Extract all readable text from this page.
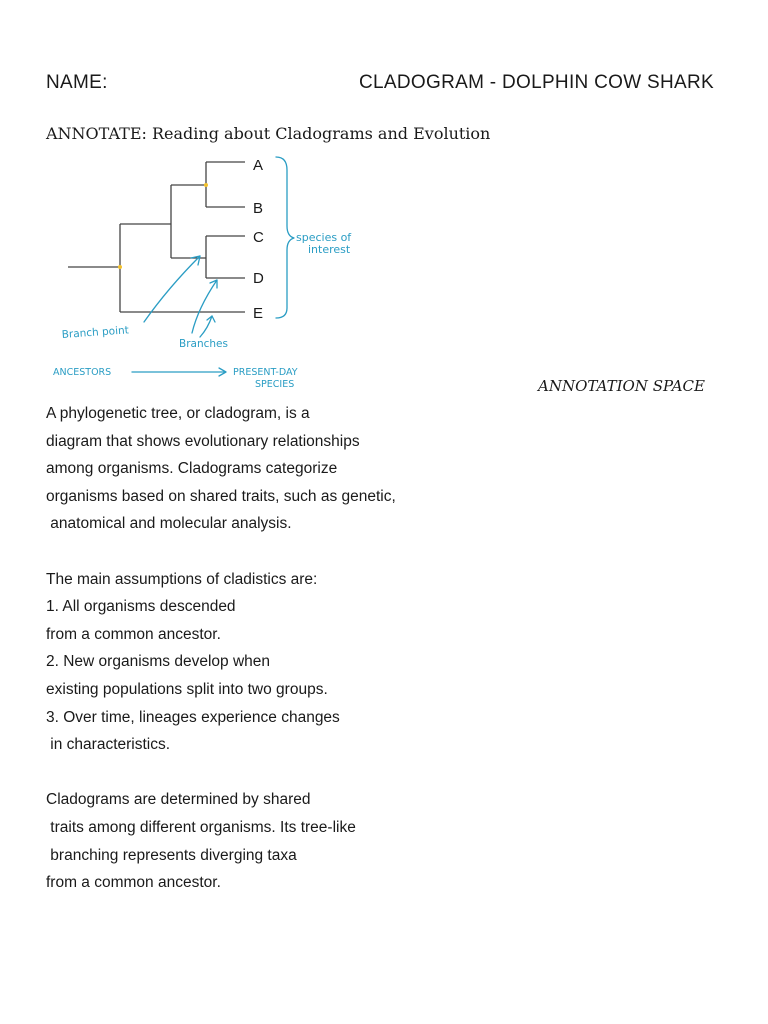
NAME:	CLADOGRAM - DOLPHIN COW SHARK
ANNOTATE: Reading about Cladograms and Evolution
A
B
C
D
E
species of
interest
Branch point
Branches
ANCESTORS	PRESENT-DAY
SPECIES	ANNOTATION SPACE
A phylogenetic tree, or cladogram, is a
diagram that shows evolutionary relationships
among organisms. Cladograms categorize
organisms based on shared traits, such as genetic,
anatomical and molecular analysis.
The main assumptions of cladistics are:
1. All organisms descended
from a common ancestor.
2. New organisms develop when
existing populations split into two groups.
3. Over time, lineages experience changes
in characteristics.
Cladograms are determined by shared
traits among different organisms. Its tree-like
branching represents diverging taxa
from a common ancestor.
